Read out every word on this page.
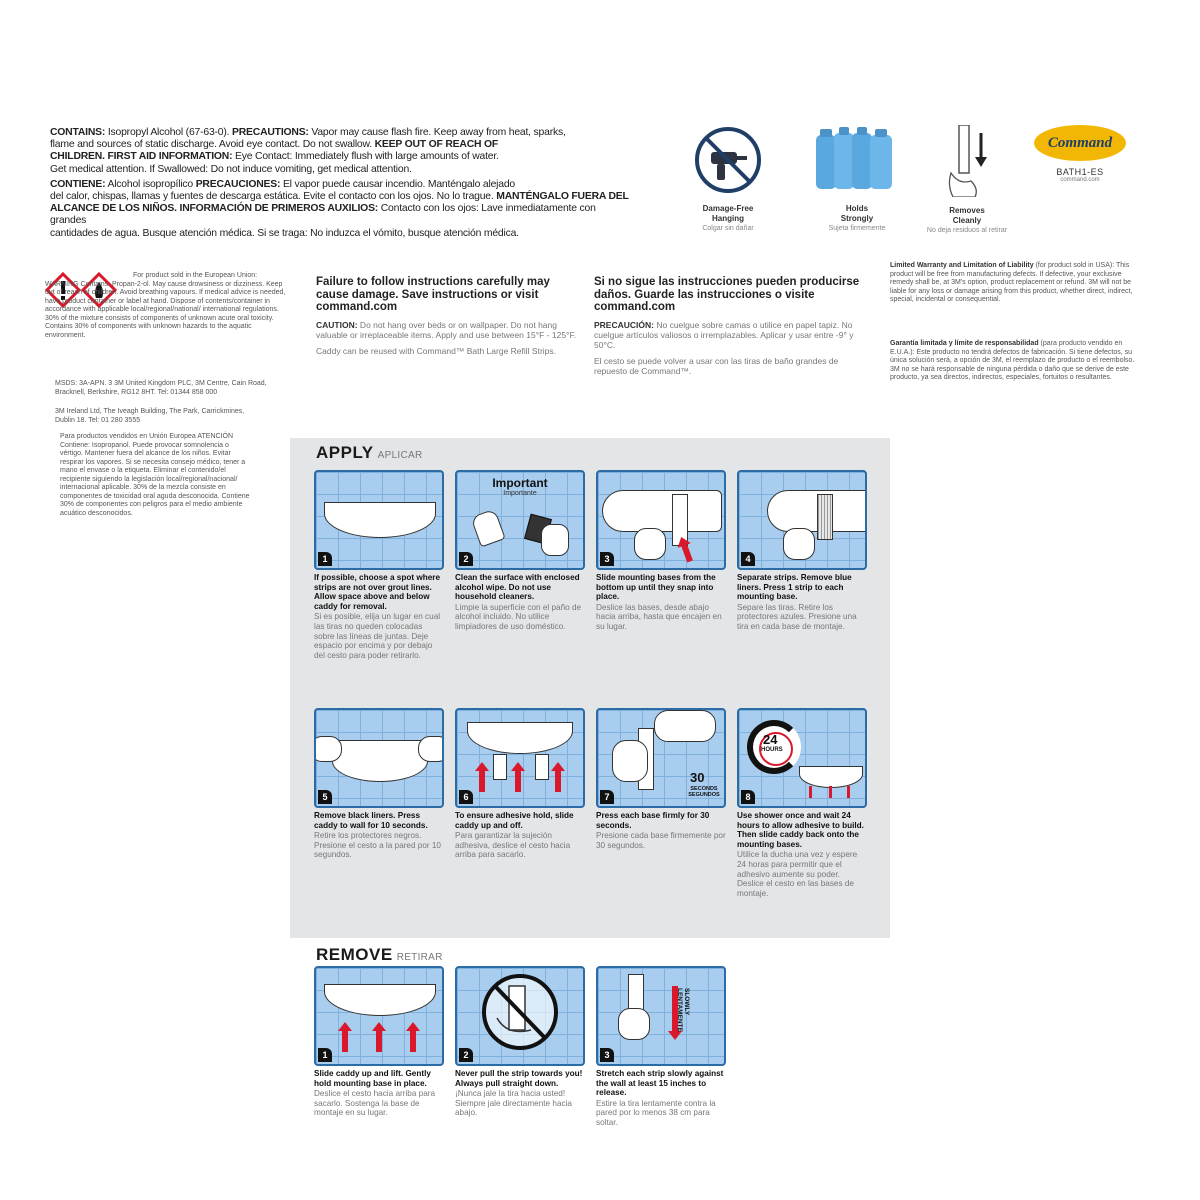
CONTAINS: Isopropyl Alcohol (67-63-0). PRECAUTIONS: Vapor may cause flash fire. Keep away from heat, sparks,
flame and sources of static discharge. Avoid eye contact. Do not swallow. KEEP OUT OF REACH OF
CHILDREN. FIRST AID INFORMATION: Eye Contact: Immediately flush with large amounts of water.
Get medical attention. If Swallowed: Do not induce vomiting, get medical attention.

CONTIENE: Alcohol isopropílico PRECAUCIONES: El vapor puede causar incendio. Manténgalo alejado
del calor, chispas, llamas y fuentes de descarga estática. Evite el contacto con los ojos. No lo trague. MANTÉNGALO FUERA DEL
ALCANCE DE LOS NIÑOS. INFORMACIÓN DE PRIMEROS AUXILIOS: Contacto con los ojos: Lave inmediatamente con grandes
cantidades de agua. Busque atención médica. Si se traga: No induzca el vómito, busque atención médica.

Damage-Free
Hanging
Colgar sin dañar
Holds
Strongly
Sujeta firmemente
Removes
Cleanly
No deja residuos al retirar
Command
BATH1-ES
command.com
For product sold in the European Union: WARNING Contains: Propan-2-ol. May cause drowsiness or dizziness. Keep out of reach of children. Avoid breathing vapours. If medical advice is needed, have product container or label at hand. Dispose of contents/container in accordance with applicable local/regional/national/ international regulations. 30% of the mixture consists of components of unknown acute oral toxicity. Contains 30% of components with unknown hazards to the aquatic environment.
MSDS: 3A-APN. 3 3M United Kingdom PLC, 3M Centre, Cain Road, Bracknell, Berkshire, RG12 8HT. Tel: 01344 858 000
3M Ireland Ltd, The Iveagh Building, The Park, Carrickmines, Dublin 18. Tel: 01 280 3555
Para productos vendidos en Unión Europea ATENCIÓN Contiene: Isopropanol. Puede provocar somnolencia o vértigo. Mantener fuera del alcance de los niños. Evitar respirar los vapores. Si se necesita consejo médico, tener a mano el envase o la etiqueta. Eliminar el contenido/el recipiente siguiendo la legislación local/regional/nacional/ internacional aplicable. 30% de la mezcla consiste en componentes de toxicidad oral aguda desconocida. Contiene 30% de componentes con peligros para el medio ambiente acuático desconocidos.
Failure to follow instructions carefully may cause damage. Save instructions or visit command.com
CAUTION: Do not hang over beds or on wallpaper. Do not hang valuable or irreplaceable items. Apply and use between 15°F - 125°F.
Caddy can be reused with Command™ Bath Large Refill Strips.
Si no sigue las instrucciones pueden producirse daños. Guarde las instrucciones o visite command.com
PRECAUCIÓN: No cuelgue sobre camas o utilice en papel tapiz. No cuelgue artículos valiosos o irremplazables. Aplicar y usar entre -9° y 50°C.
El cesto se puede volver a usar con las tiras de baño grandes de repuesto de Command™.
Limited Warranty and Limitation of Liability (for product sold in USA): This product will be free from manufacturing defects. If defective, your exclusive remedy shall be, at 3M's option, product replacement or refund. 3M will not be liable for any loss or damage arising from this product, whether direct, indirect, special, incidental or consequential.
Garantía limitada y límite de responsabilidad (para producto vendido en E.U.A.): Este producto no tendrá defectos de fabricación. Si tiene defectos, su única solución será, a opción de 3M, el reemplazo de producto o el reembolso. 3M no se hará responsable de ninguna pérdida o daño que se derive de este producto, ya sea directos, indirectos, especiales, fortuitos o resultantes.
APPLY APLICAR
1
If possible, choose a spot where strips are not over grout lines. Allow space above and below caddy for removal.
Si es posible, elija un lugar en cual las tiras no queden colocadas sobre las líneas de juntas. Deje espacio por encima y por debajo del cesto para poder retirarlo.
Important
Importante
2
Clean the surface with enclosed alcohol wipe. Do not use household cleaners.
Limpie la superficie con el paño de alcohol incluido. No utilice limpiadores de uso doméstico.
3
Slide mounting bases from the bottom up until they snap into place.
Deslice las bases, desde abajo hacia arriba, hasta que encajen en su lugar.
4
Separate strips. Remove blue liners. Press 1 strip to each mounting base.
Separe las tiras. Retire los protectores azules. Presione una tira en cada base de montaje.
5
Remove black liners. Press caddy to wall for 10 seconds.
Retire los protectores negros. Presione el cesto a la pared por 10 segundos.
6
To ensure adhesive hold, slide caddy up and off.
Para garantizar la sujeción adhesiva, deslice el cesto hacia arriba para sacarlo.
30
SECONDS SEGUNDOS
7
Press each base firmly for 30 seconds.
Presione cada base firmemente por 30 segundos.
24
HOURS
8
Use shower once and wait 24 hours to allow adhesive to build. Then slide caddy back onto the mounting bases.
Utilice la ducha una vez y espere 24 horas para permitir que el adhesivo aumente su poder. Deslice el cesto en las bases de montaje.
REMOVE RETIRAR
1
Slide caddy up and lift. Gently hold mounting base in place.
Deslice el cesto hacia arriba para sacarlo. Sostenga la base de montaje en su lugar.
2
Never pull the strip towards you! Always pull straight down.
¡Nunca jale la tira hacia usted! Siempre jale directamente hacia abajo.
SLOWLY LENTAMENTE
3
Stretch each strip slowly against the wall at least 15 inches to release.
Estire la tira lentamente contra la pared por lo menos 38 cm para soltar.
